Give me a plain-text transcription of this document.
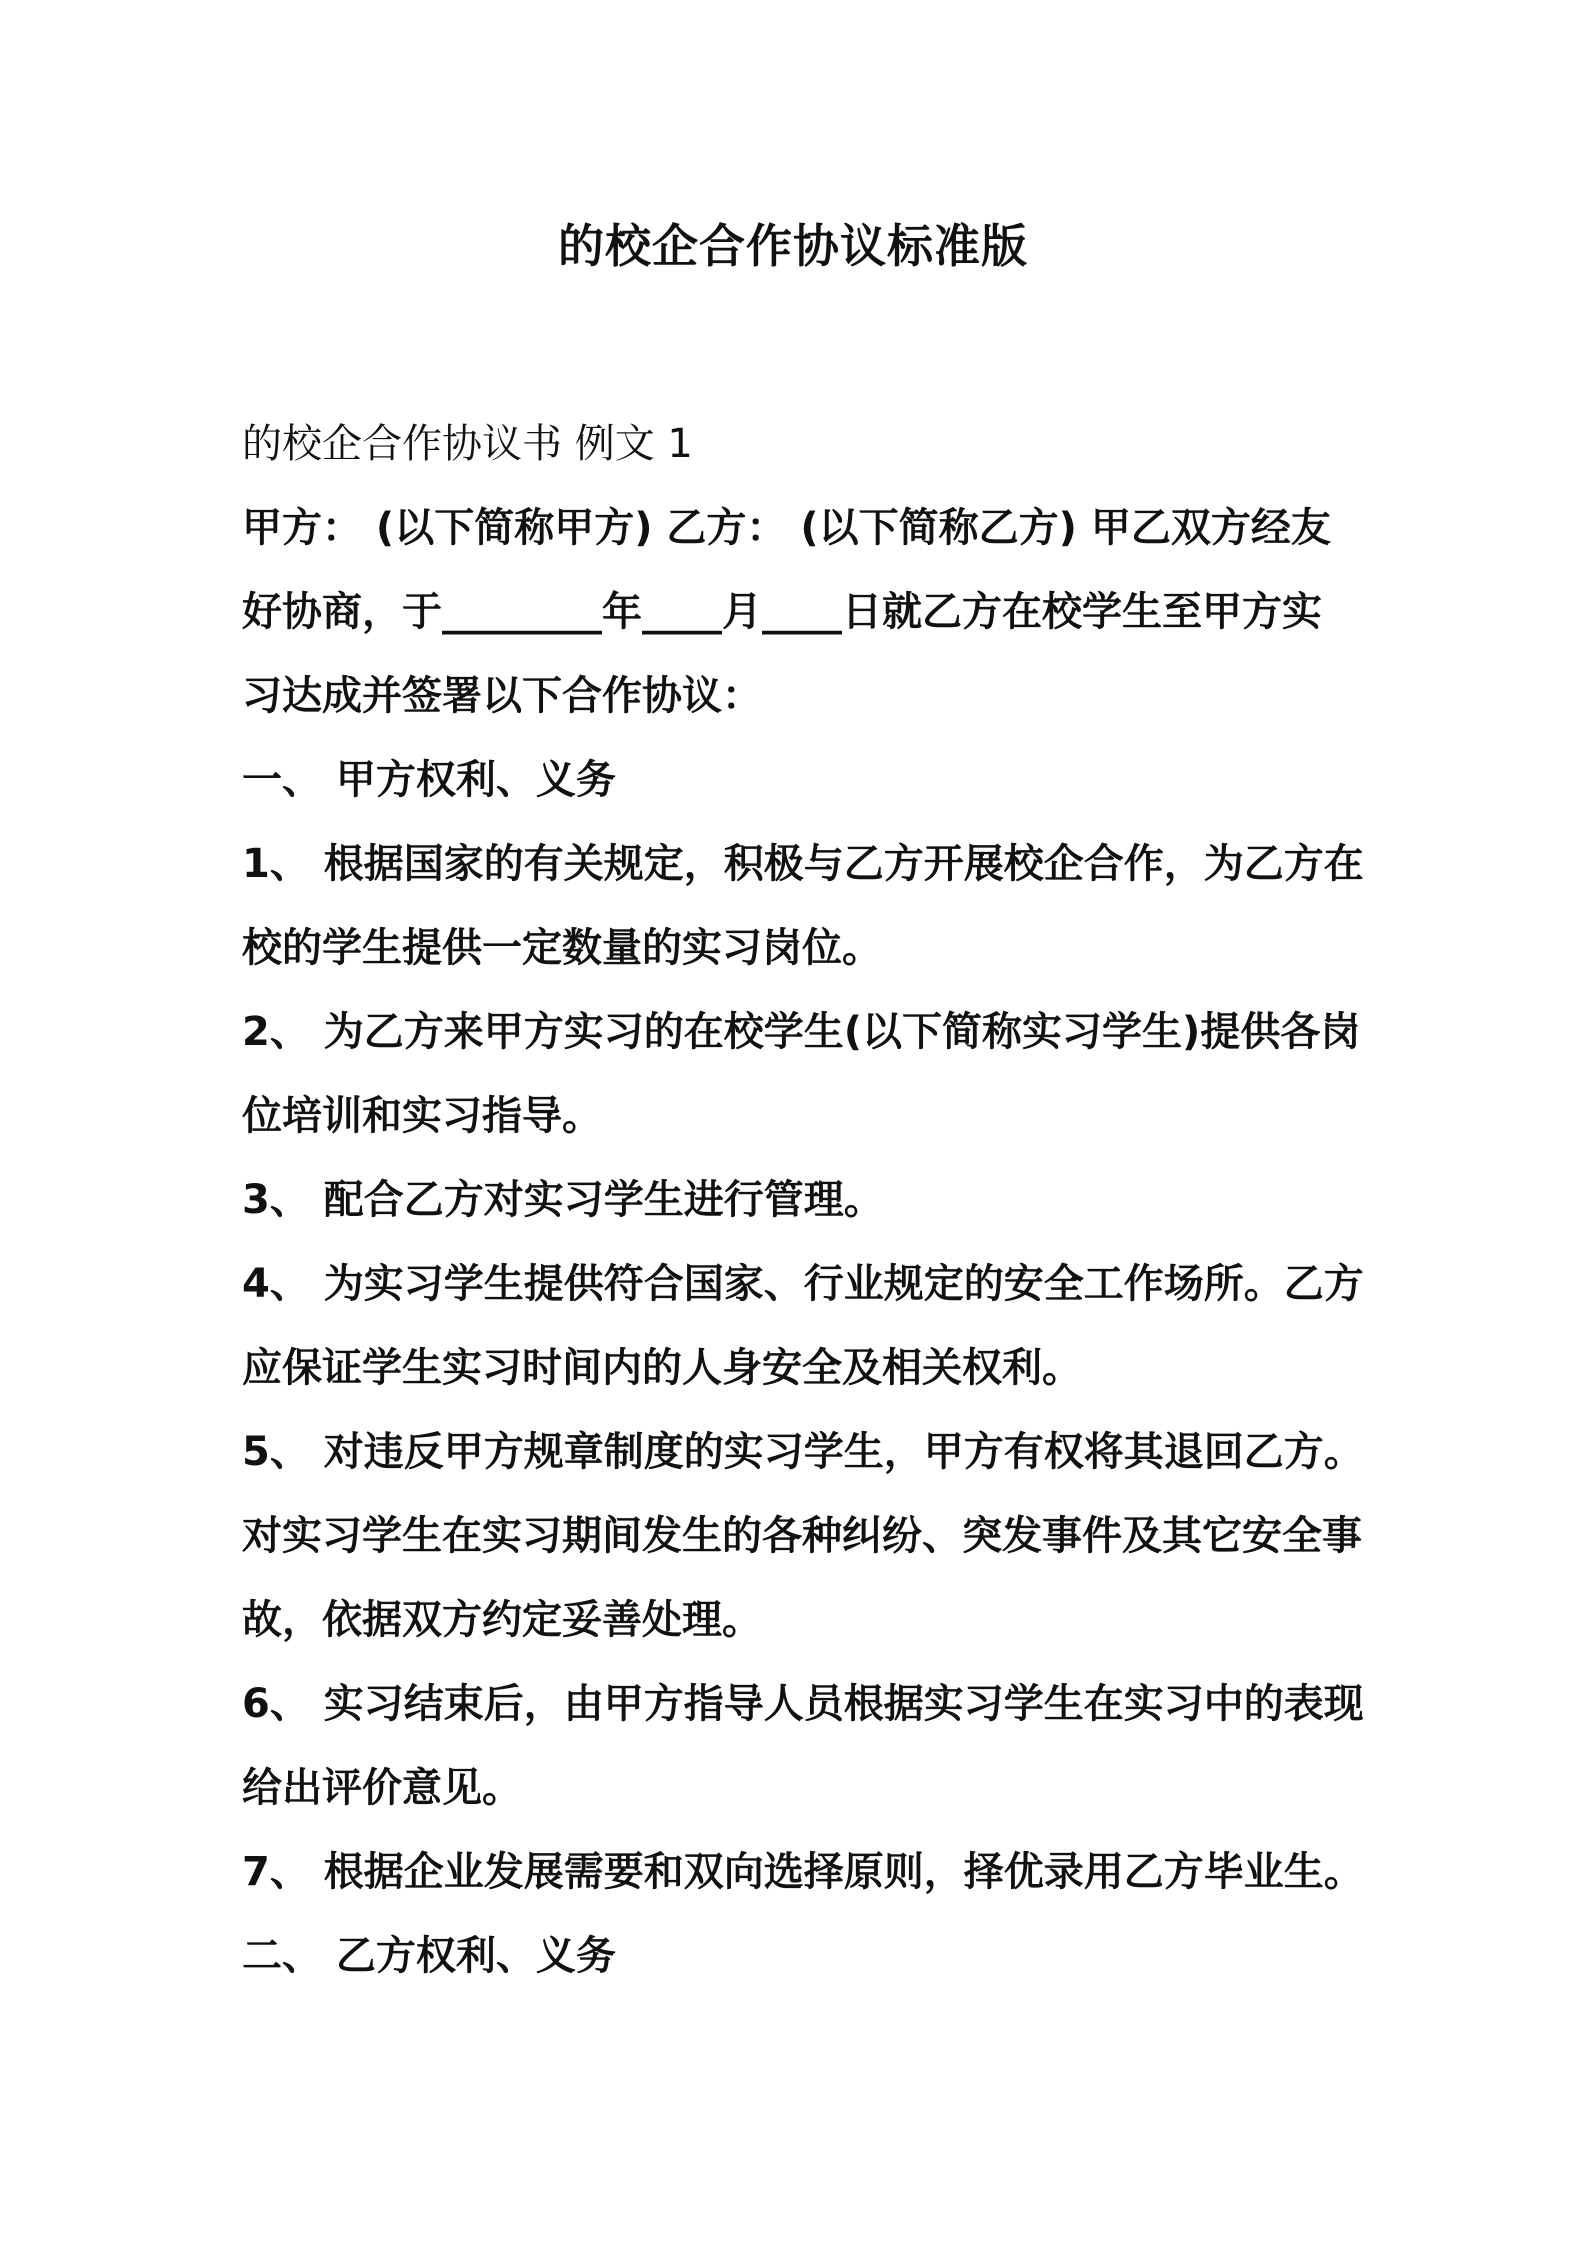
的校企合作协议标准版

的校企合作协议书 例文 1

甲方： (以下简称甲方) 乙方： (以下简称乙方) 甲乙双方经友

好协商，于________年____月____日就乙方在校学生至甲方实

习达成并签署以下合作协议：

一、 甲方权利、义务

1、 根据国家的有关规定，积极与乙方开展校企合作，为乙方在

校的学生提供一定数量的实习岗位。

2、 为乙方来甲方实习的在校学生(以下简称实习学生)提供各岗

位培训和实习指导。

3、 配合乙方对实习学生进行管理。

4、 为实习学生提供符合国家、行业规定的安全工作场所。乙方

应保证学生实习时间内的人身安全及相关权利。

5、 对违反甲方规章制度的实习学生，甲方有权将其退回乙方。

对实习学生在实习期间发生的各种纠纷、突发事件及其它安全事

故，依据双方约定妥善处理。

6、 实习结束后，由甲方指导人员根据实习学生在实习中的表现

给出评价意见。

7、 根据企业发展需要和双向选择原则，择优录用乙方毕业生。

二、 乙方权利、义务
